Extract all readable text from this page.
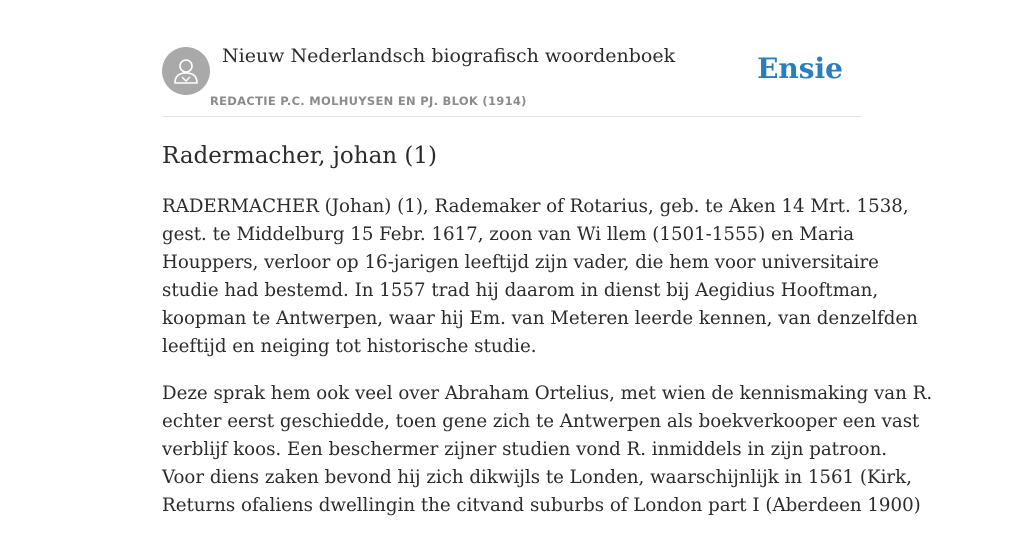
Nieuw Nederlandsch biografisch woordenboek
REDACTIE P.C. MOLHUYSEN EN PJ. BLOK (1914)
Ensie
Radermacher, johan (1)

RADERMACHER (Johan) (1), Rademaker of Rotarius, geb. te Aken 14 Mrt. 1538,
gest. te Middelburg 15 Febr. 1617, zoon van Wi llem (1501-1555) en Maria
Houppers, verloor op 16-jarigen leeftijd zijn vader, die hem voor universitaire
studie had bestemd. In 1557 trad hij daarom in dienst bij Aegidius Hooftman,
koopman te Antwerpen, waar hij Em. van Meteren leerde kennen, van denzelfden
leeftijd en neiging tot historische studie.

Deze sprak hem ook veel over Abraham Ortelius, met wien de kennismaking van R.
echter eerst geschiedde, toen gene zich te Antwerpen als boekverkooper een vast
verblijf koos. Een beschermer zijner studien vond R. inmiddels in zijn patroon.
Voor diens zaken bevond hij zich dikwijls te Londen, waarschijnlijk in 1561 (Kirk,
Returns ofaliens dwellingin the citvand suburbs of London part I (Aberdeen 1900)
